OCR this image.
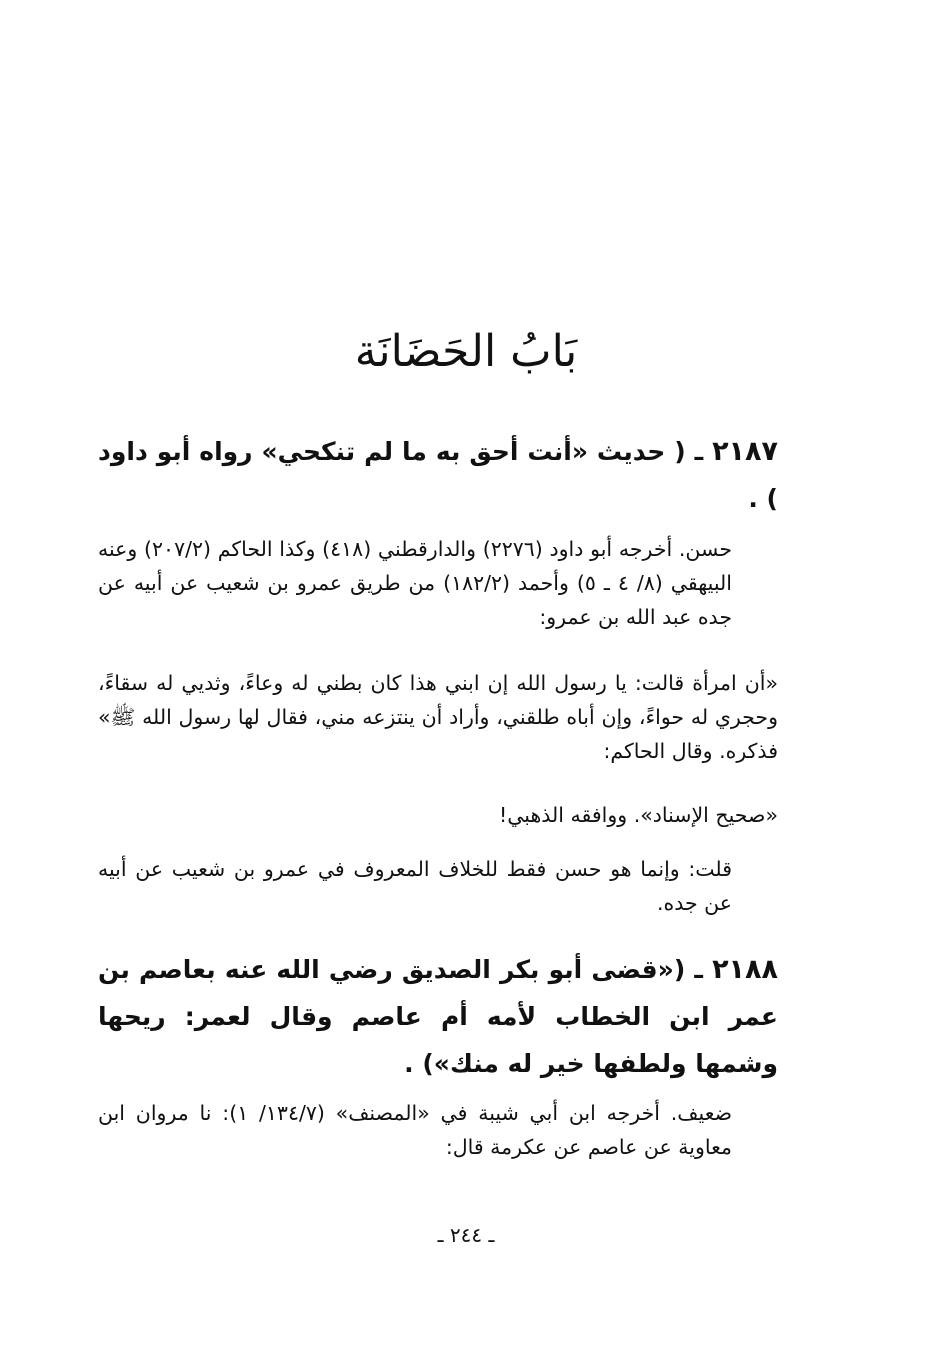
بَابُ الحَضَانَة
٢١٨٧ ـ ( حديث «أنت أحق به ما لم تنكحي» رواه أبو داود ) .
حسن. أخرجه أبو داود (٢٢٧٦) والدارقطني (٤١٨) وكذا الحاكم (٢٠٧/٢) وعنه البيهقي (٨/ ٤ ـ ٥) وأحمد (١٨٢/٢) من طريق عمرو بن شعيب عن أبيه عن جده عبد الله بن عمرو:
«أن امرأة قالت: يا رسول الله إن ابني هذا كان بطني له وعاءً، وثديي له سقاءً، وحجري له حواءً، وإن أباه طلقني، وأراد أن ينتزعه مني، فقال لها رسول الله ﷺ» فذكره. وقال الحاكم:
«صحيح الإسناد». ووافقه الذهبي!
قلت: وإنما هو حسن فقط للخلاف المعروف في عمرو بن شعيب عن أبيه عن جده.
٢١٨٨ ـ («قضى أبو بكر الصديق رضي الله عنه بعاصم بن عمر ابن الخطاب لأمه أم عاصم وقال لعمر: ريحها وشمها ولطفها خير له منك») .
ضعيف. أخرجه ابن أبي شيبة في «المصنف» (١٣٤/٧/ ١): نا مروان ابن معاوية عن عاصم عن عكرمة قال:
ـ ٢٤٤ ـ
